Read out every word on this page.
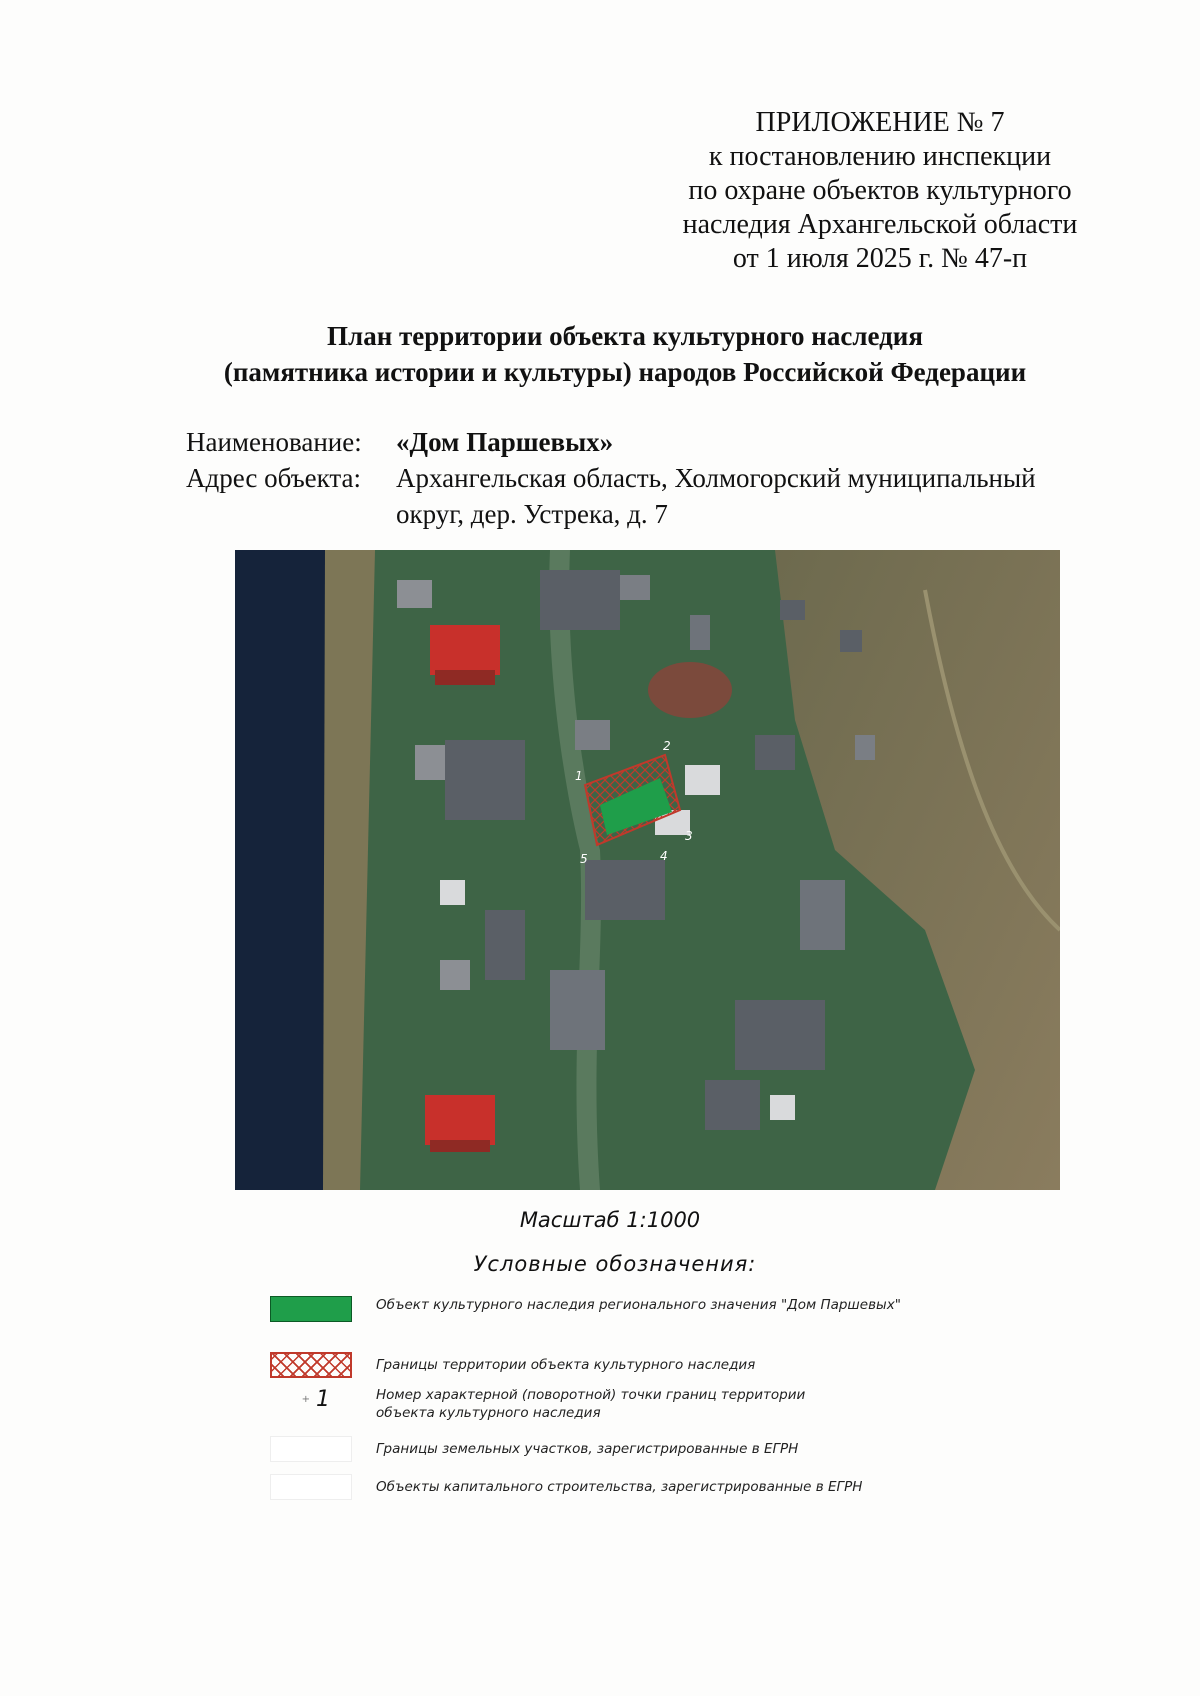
ПРИЛОЖЕНИЕ № 7
к постановлению инспекции
по охране объектов культурного
наследия Архангельской области
от 1 июля 2025 г. № 47-п
План территории объекта культурного наследия
(памятника истории и культуры) народов Российской Федерации
Наименование:	«Дом Паршевых»
Адрес объекта:	Архангельская область, Холмогорский муниципальный
округ, дер. Устрека, д. 7
1
2
3
4
5
Масштаб 1:1000
Условные обозначения:
Объект культурного наследия регионального значения "Дом Паршевых"
Границы территории объекта культурного наследия
+ 1	Номер характерной (поворотной) точки границ территории
объекта культурного наследия
Границы земельных участков, зарегистрированные в ЕГРН
Объекты капитального строительства, зарегистрированные в ЕГРН
